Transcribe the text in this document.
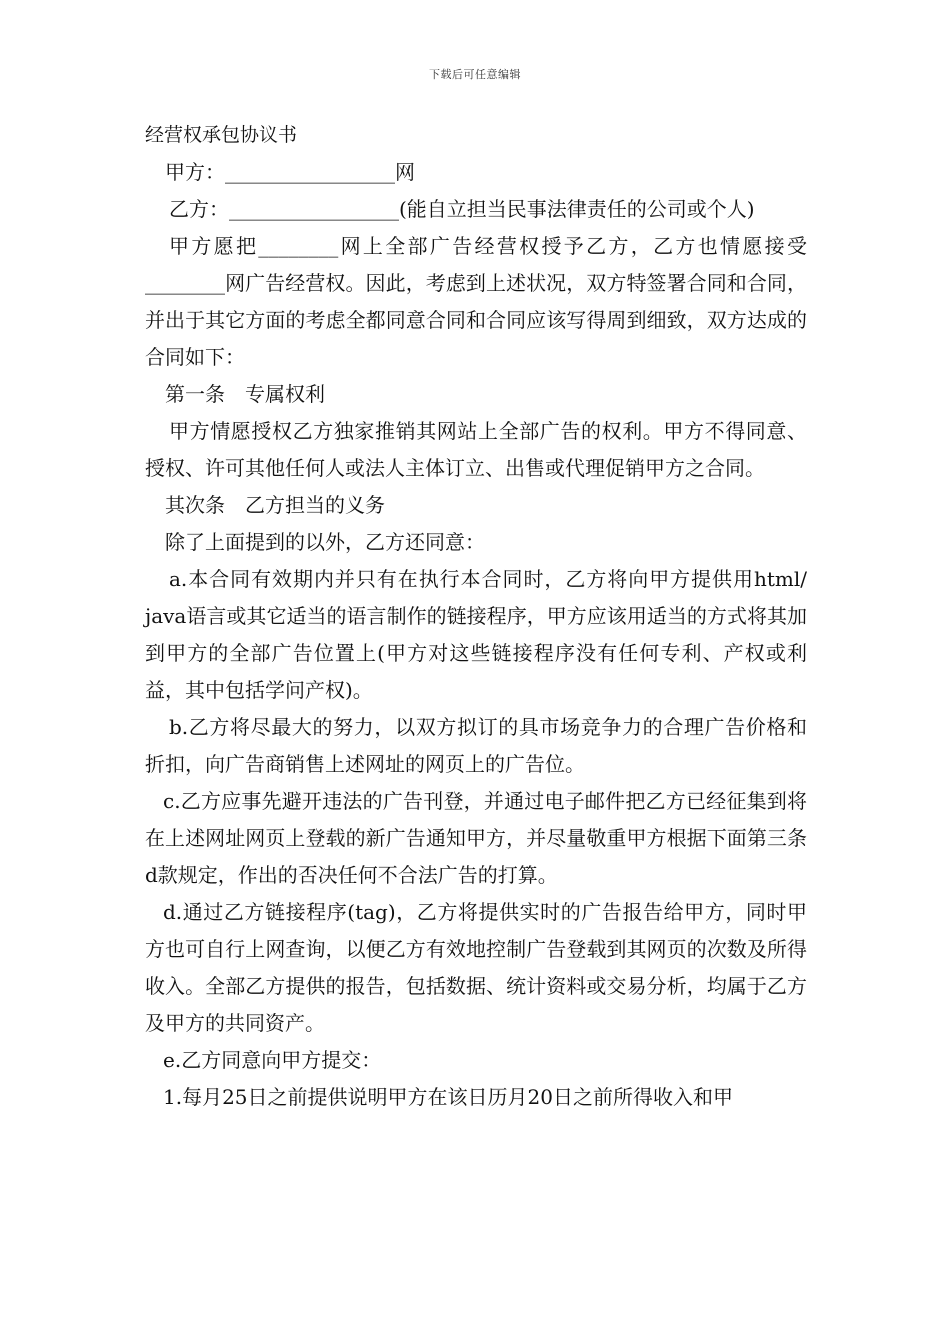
下载后可任意编辑

经营权承包协议书

甲方：_________________网

乙方：_________________(能自立担当民事法律责任的公司或个人)

甲方愿把________网上全部广告经营权授予乙方，乙方也情愿接受________网广告经营权。因此，考虑到上述状况，双方特签署合同和合同，并出于其它方面的考虑全都同意合同和合同应该写得周到细致，双方达成的合同如下：

第一条　专属权利

甲方情愿授权乙方独家推销其网站上全部广告的权利。甲方不得同意、授权、许可其他任何人或法人主体订立、出售或代理促销甲方之合同。

其次条　乙方担当的义务

除了上面提到的以外，乙方还同意：

a.本合同有效期内并只有在执行本合同时，乙方将向甲方提供用html/ java语言或其它适当的语言制作的链接程序，甲方应该用适当的方式将其加到甲方的全部广告位置上(甲方对这些链接程序没有任何专利、产权或利益，其中包括学问产权)。

b.乙方将尽最大的努力，以双方拟订的具市场竞争力的合理广告价格和折扣，向广告商销售上述网址的网页上的广告位。

c.乙方应事先避开违法的广告刊登，并通过电子邮件把乙方已经征集到将在上述网址网页上登载的新广告通知甲方，并尽量敬重甲方根据下面第三条d款规定，作出的否决任何不合法广告的打算。

d.通过乙方链接程序(tag)，乙方将提供实时的广告报告给甲方，同时甲方也可自行上网查询，以便乙方有效地控制广告登载到其网页的次数及所得收入。全部乙方提供的报告，包括数据、统计资料或交易分析，均属于乙方及甲方的共同资产。

e.乙方同意向甲方提交：

1.每月25日之前提供说明甲方在该日历月20日之前所得收入和甲
